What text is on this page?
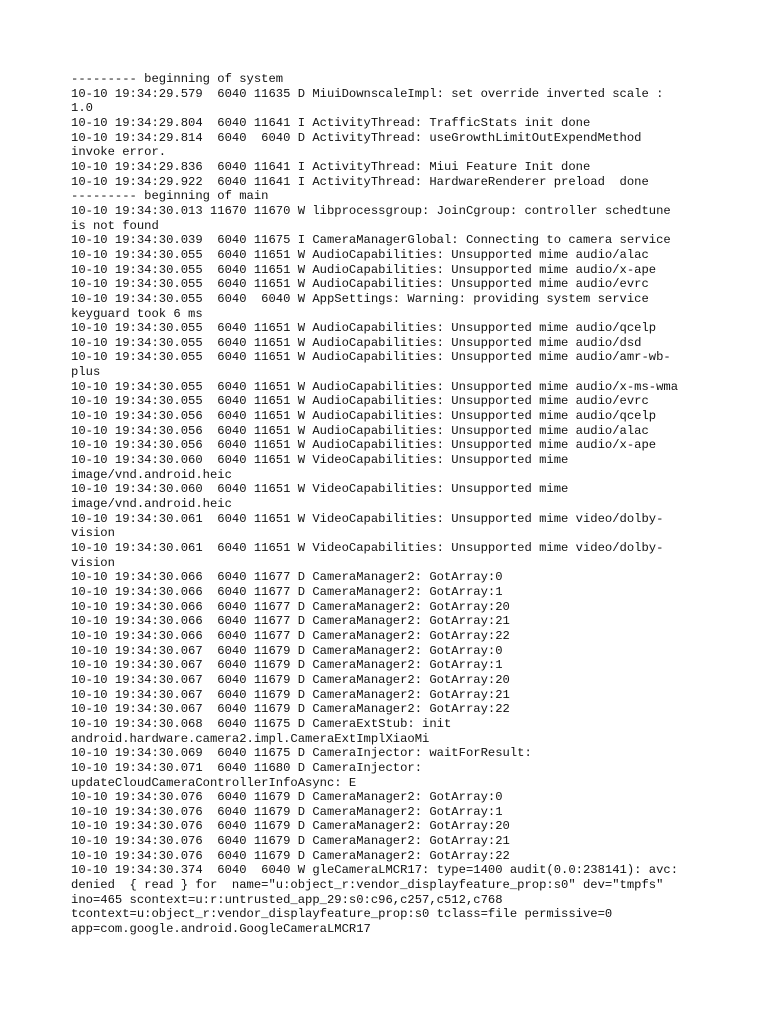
--------- beginning of system
10-10 19:34:29.579  6040 11635 D MiuiDownscaleImpl: set override inverted scale :
1.0
10-10 19:34:29.804  6040 11641 I ActivityThread: TrafficStats init done
10-10 19:34:29.814  6040  6040 D ActivityThread: useGrowthLimitOutExpendMethod
invoke error.
10-10 19:34:29.836  6040 11641 I ActivityThread: Miui Feature Init done
10-10 19:34:29.922  6040 11641 I ActivityThread: HardwareRenderer preload  done
--------- beginning of main
10-10 19:34:30.013 11670 11670 W libprocessgroup: JoinCgroup: controller schedtune
is not found
10-10 19:34:30.039  6040 11675 I CameraManagerGlobal: Connecting to camera service
10-10 19:34:30.055  6040 11651 W AudioCapabilities: Unsupported mime audio/alac
10-10 19:34:30.055  6040 11651 W AudioCapabilities: Unsupported mime audio/x-ape
10-10 19:34:30.055  6040 11651 W AudioCapabilities: Unsupported mime audio/evrc
10-10 19:34:30.055  6040  6040 W AppSettings: Warning: providing system service
keyguard took 6 ms
10-10 19:34:30.055  6040 11651 W AudioCapabilities: Unsupported mime audio/qcelp
10-10 19:34:30.055  6040 11651 W AudioCapabilities: Unsupported mime audio/dsd
10-10 19:34:30.055  6040 11651 W AudioCapabilities: Unsupported mime audio/amr-wb-
plus
10-10 19:34:30.055  6040 11651 W AudioCapabilities: Unsupported mime audio/x-ms-wma
10-10 19:34:30.055  6040 11651 W AudioCapabilities: Unsupported mime audio/evrc
10-10 19:34:30.056  6040 11651 W AudioCapabilities: Unsupported mime audio/qcelp
10-10 19:34:30.056  6040 11651 W AudioCapabilities: Unsupported mime audio/alac
10-10 19:34:30.056  6040 11651 W AudioCapabilities: Unsupported mime audio/x-ape
10-10 19:34:30.060  6040 11651 W VideoCapabilities: Unsupported mime
image/vnd.android.heic
10-10 19:34:30.060  6040 11651 W VideoCapabilities: Unsupported mime
image/vnd.android.heic
10-10 19:34:30.061  6040 11651 W VideoCapabilities: Unsupported mime video/dolby-
vision
10-10 19:34:30.061  6040 11651 W VideoCapabilities: Unsupported mime video/dolby-
vision
10-10 19:34:30.066  6040 11677 D CameraManager2: GotArray:0
10-10 19:34:30.066  6040 11677 D CameraManager2: GotArray:1
10-10 19:34:30.066  6040 11677 D CameraManager2: GotArray:20
10-10 19:34:30.066  6040 11677 D CameraManager2: GotArray:21
10-10 19:34:30.066  6040 11677 D CameraManager2: GotArray:22
10-10 19:34:30.067  6040 11679 D CameraManager2: GotArray:0
10-10 19:34:30.067  6040 11679 D CameraManager2: GotArray:1
10-10 19:34:30.067  6040 11679 D CameraManager2: GotArray:20
10-10 19:34:30.067  6040 11679 D CameraManager2: GotArray:21
10-10 19:34:30.067  6040 11679 D CameraManager2: GotArray:22
10-10 19:34:30.068  6040 11675 D CameraExtStub: init
android.hardware.camera2.impl.CameraExtImplXiaoMi
10-10 19:34:30.069  6040 11675 D CameraInjector: waitForResult:
10-10 19:34:30.071  6040 11680 D CameraInjector:
updateCloudCameraControllerInfoAsync: E
10-10 19:34:30.076  6040 11679 D CameraManager2: GotArray:0
10-10 19:34:30.076  6040 11679 D CameraManager2: GotArray:1
10-10 19:34:30.076  6040 11679 D CameraManager2: GotArray:20
10-10 19:34:30.076  6040 11679 D CameraManager2: GotArray:21
10-10 19:34:30.076  6040 11679 D CameraManager2: GotArray:22
10-10 19:34:30.374  6040  6040 W gleCameraLMCR17: type=1400 audit(0.0:238141): avc:
denied  { read } for  name="u:object_r:vendor_displayfeature_prop:s0" dev="tmpfs"
ino=465 scontext=u:r:untrusted_app_29:s0:c96,c257,c512,c768
tcontext=u:object_r:vendor_displayfeature_prop:s0 tclass=file permissive=0
app=com.google.android.GoogleCameraLMCR17
